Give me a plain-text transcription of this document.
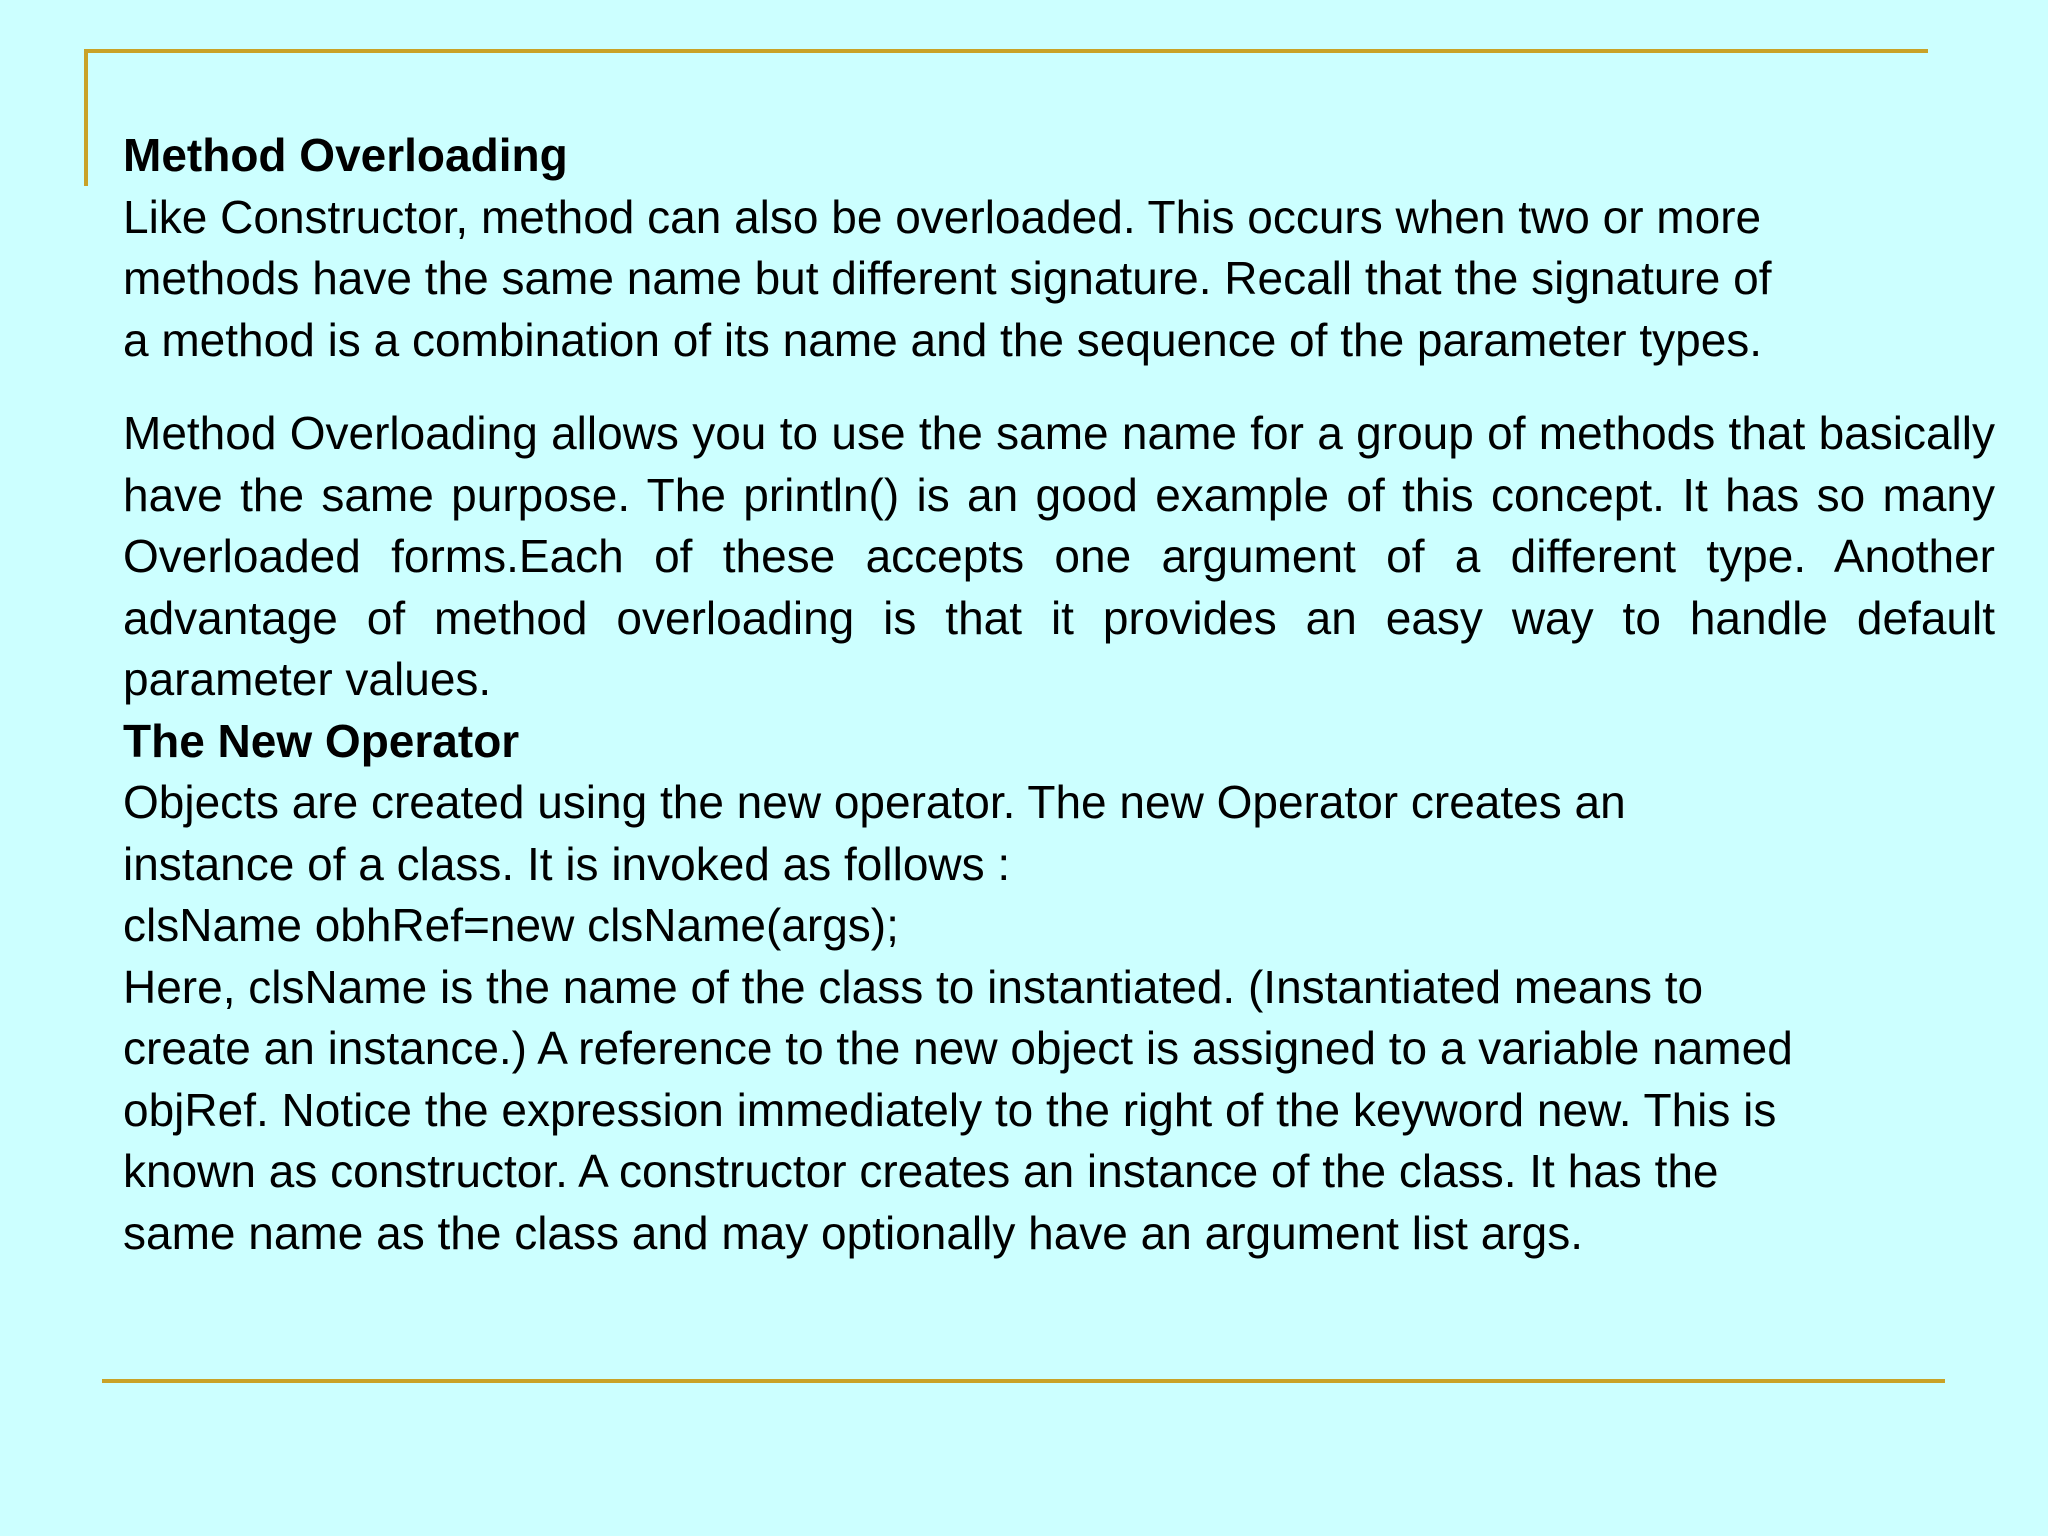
Method Overloading
Like Constructor, method can also be overloaded. This occurs when two or more
methods have the same name but different signature. Recall that the signature of
a method is a combination of its name and the sequence of the parameter types.

Method Overloading allows you to use the same name for a group of methods that basically have the same purpose. The println() is an good example of this concept. It has so many Overloaded forms.Each of these accepts one argument of a different type. Another advantage of method overloading is that it provides an easy way to handle default parameter values.

The New Operator
Objects are created using the new operator. The new Operator creates an
instance of a class. It is invoked as follows :
clsName obhRef=new clsName(args);
Here, clsName is the name of the class to instantiated. (Instantiated means to
create an instance.) A reference to the new object is assigned to a variable named
objRef. Notice the expression immediately to the right of the keyword new. This is
known as constructor. A constructor creates an instance of the class. It has the
same name as the class and may optionally have an argument list args.
